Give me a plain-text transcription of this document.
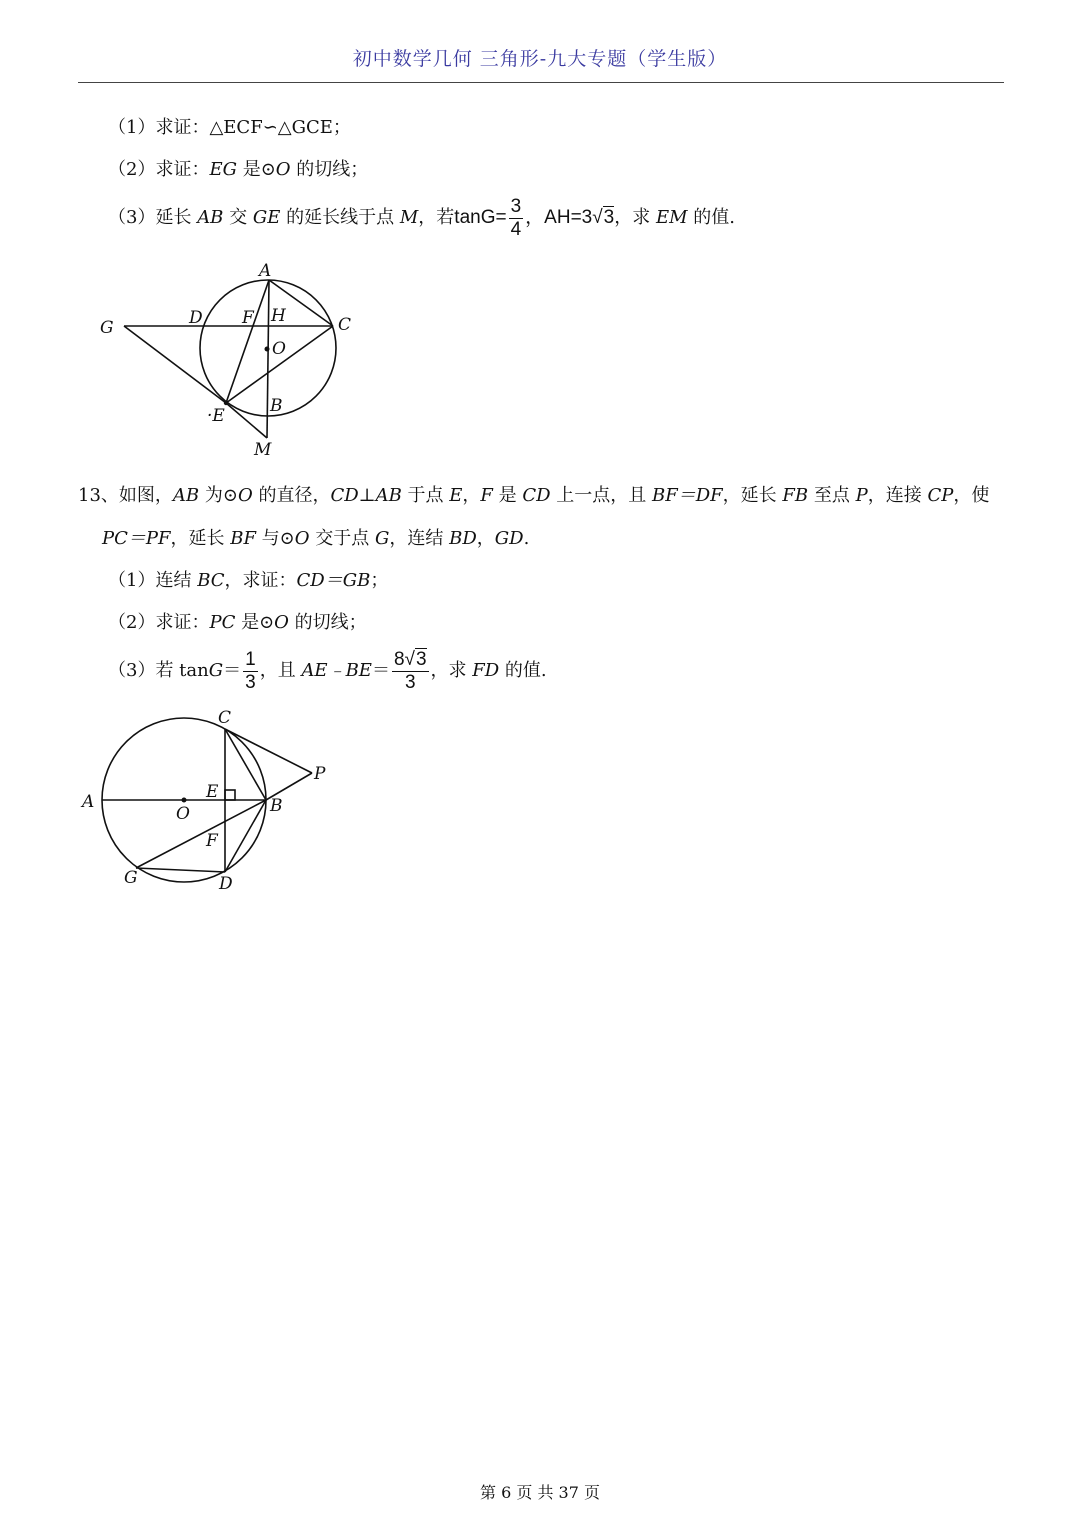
初中数学几何 三角形-九大专题（学生版）
（1）求证：△ECF∽△GCE；
（2）求证：EG 是⊙O 的切线；
（3）延长 AB 交 GE 的延长线于点 M，若$\tan G= \frac{3}{4}$ ，AH=3√3，求 EM 的值.
A
G	D F H	C
O
·E	B
M
13、如图，AB 为⊙O 的直径，CD⊥AB 于点 E，F 是 CD 上一点，且 BF＝DF，延长 FB 至点 P，连接 CP，使
PC＝PF，延长 BF 与⊙O 交于点 G，连结 BD，GD.
（1）连结 BC，求证：CD＝GB；
（2）求证：PC 是⊙O 的切线；
（3）若 $\tan G= \frac{1}{3}$ ，且 AE﹣BE＝ $\frac{8√3}{3}$ ，求 FD 的值.
C
P
A	E
B
O
F
G	D
第 6 页 共 37 页
